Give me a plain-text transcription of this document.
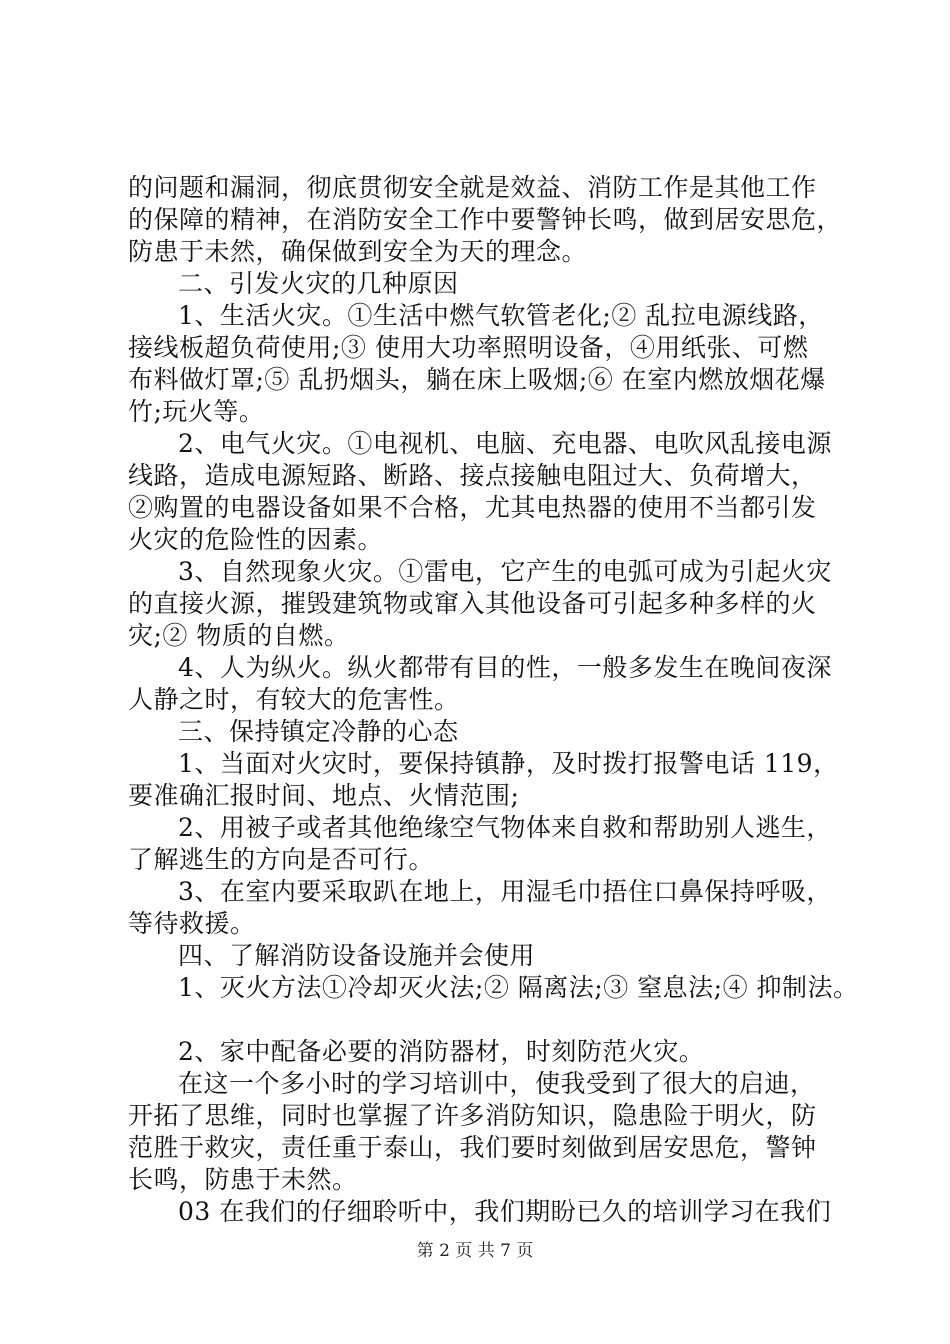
的问题和漏洞，彻底贯彻安全就是效益、消防工作是其他工作
的保障的精神，在消防安全工作中要警钟长鸣，做到居安思危，
防患于未然，确保做到安全为天的理念。
二、引发火灾的几种原因
1、生活火灾。①生活中燃气软管老化;② 乱拉电源线路，
接线板超负荷使用;③ 使用大功率照明设备，④用纸张、可燃
布料做灯罩;⑤ 乱扔烟头，躺在床上吸烟;⑥ 在室内燃放烟花爆
竹;玩火等。
2、电气火灾。①电视机、电脑、充电器、电吹风乱接电源
线路，造成电源短路、断路、接点接触电阻过大、负荷增大，
②购置的电器设备如果不合格，尤其电热器的使用不当都引发
火灾的危险性的因素。
3、自然现象火灾。①雷电，它产生的电弧可成为引起火灾
的直接火源，摧毁建筑物或窜入其他设备可引起多种多样的火
灾;② 物质的自燃。
4、人为纵火。纵火都带有目的性，一般多发生在晚间夜深
人静之时，有较大的危害性。
三、保持镇定冷静的心态
1、当面对火灾时，要保持镇静，及时拨打报警电话 119，
要准确汇报时间、地点、火情范围;
2、用被子或者其他绝缘空气物体来自救和帮助别人逃生，
了解逃生的方向是否可行。
3、在室内要采取趴在地上，用湿毛巾捂住口鼻保持呼吸，
等待救援。
四、了解消防设备设施并会使用
1、灭火方法①冷却灭火法;② 隔离法;③ 窒息法;④ 抑制法。
2、家中配备必要的消防器材，时刻防范火灾。
在这一个多小时的学习培训中，使我受到了很大的启迪，
开拓了思维，同时也掌握了许多消防知识，隐患险于明火，防
范胜于救灾，责任重于泰山，我们要时刻做到居安思危，警钟
长鸣，防患于未然。
03 在我们的仔细聆听中，我们期盼已久的培训学习在我们
第 2 页 共 7 页
